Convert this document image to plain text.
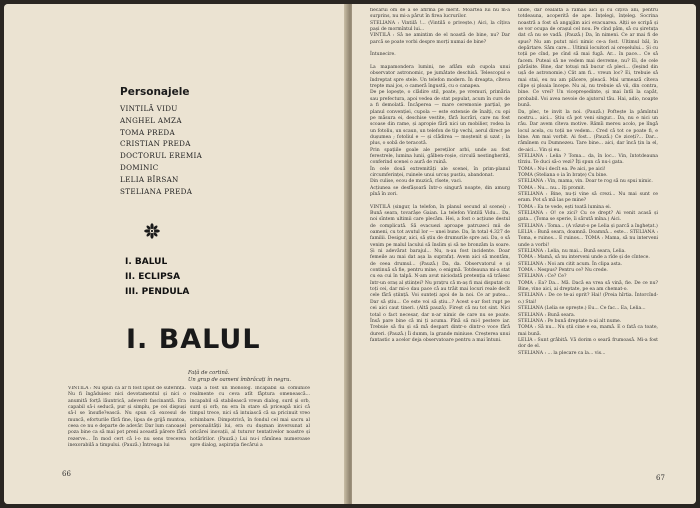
Personajele
VINTILĂ VIDU
ANGHEL AMZA
TOMA PREDA
CRISTIAN PREDA
DOCTORUL EREMIA
DOMINIC
LELIA BÎRSAN
STELIANA PREDA
I. BALUL
II. ECLIPSA
III. PENDULA
I. BALUL
Fațǎ de cortinǎ.
Un grup de oameni îmbrǎcați în negru.
VINTILĂ : Nu spun cǎ ar fi fost lipsit de suferințǎ. Nu fi îngǎduiesc nici devotamentul și nici o anumitǎ forțǎ lǎuntricǎ, adeverit fascinantǎ. Era capabil sǎ-i seducǎ, pur și simplu, pe cei dispuși sǎ-l se însufle?ească. Nu spun cǎ excesul de muncǎ, eforturile fǎrǎ fine, lipsa de grijǎ muntoa, ceea ce nu e departe de adevǎr. Dar lum canoașel poza bine ca sǎ mai pot preni aceastǎ părere fǎrǎ rezerve... În mod cert cǎ l-o nu sens trecerea inexorabilǎ a timpului. (Pauzǎ.) Întreaga lui
viațǎ a fost un monolog. Incapabil sǎ comunice realmente cu ceva atît fǎptura omeneascǎ... incapabil sǎ stabileascǎ vreun dialog, surd și orb, surd și orb, nu era în stare sǎ priceapǎ nici cǎ timpul trece, nici sǎ intuiascǎ cǎ sa pricinuit vreo schimbare. Dimpotrivǎ, în fondul cel mai sacru al personalitǎții lui, era cu dușman inversunat al oricǎrei inovații, al tuturor tentativelor noastre și hotǎrîrilor. (Pauzǎ.) Lui nu-i rǎmînea numeroase spre dialog, aspirația fiecǎrui a
66
fiecǎrui om de a se afirma pe merit. Moartea lui nu m-a surprins, nu mi-a pǎrut în firea lucrurilor.
STELIANA : Vintilǎ !... (Vintilǎ o privește.) Aici, la cîțiva pași de mormîntul lui...
VINTILĂ : Sǎ ne amintim de el noastǎ de bine, nu? Dar parcǎ se poate vorbi despre morți numai de bine?

Întunecire.

La mapamondera lumini, ne aflǎm sub cupola unui observator astronomic, pe jumǎtate deschisǎ. Telescopul e îndreptat spre stele. Un telefon modern. În dreapta, cîteva trepte mai jos, o camerǎ îngustǎ, cu o canapea.
De pe lopeșțe, o clǎdire stil, poate, pe vremuri, primǎria sau prefectura, apoi vedea de stat populat, acum în curs de a fi demolatǎ. Încǎperea — mare ceremonie parțial, pe planul convenției, cupola — este extensie de înalți, cu opi pe mǎsura ei, deschise vestite, fǎrǎ lucrǎri, care nu fost scoase din rame, și apropie fǎrǎ nici un mobilier, rodea la un fotoliu, un scaun, un telefon de tip vechi, aerul direct pe dușumea ; fotoliul e — și clǎdirea — moștenit și uzat ; la plus, o sobǎ de teracotǎ.
Prin spațiile goale ale pereților arbi, unde au fost ferestrele, lumina lunii, gǎlben-roșie, circulǎ nestingheritǎ, conferind scenei o aurǎ de ruinǎ.
În cele douǎ extremitǎți ale scenei, în prim-planul circumferinței, ruinele unui urcuș pustiu, abandonat.
Din culise, ecou de muzicǎ, rîsete, vaci.
Acțiunea se desfǎșoarǎ într-o singurǎ noapte, din amurg pînǎ în zori.

VINTILĂ (singur, la telefon, în planul secund al scenei) : Bunǎ seara, tovarǎșe Gaian. La telefon Vintilǎ Vidu... Da, noi sîntem ultimii care plecǎm. Hei, a fost o acțiune destul de complicatǎ. Sǎ evacuezi aproape patruzeci mii de oameni, cu tot avutul lor — unei bune. Da, în total 4.327 de familii. Desigur, aici, sǎ știu de drumurile spre asi. Da, o sǎ venim pe malul lacului sǎ înslim și sǎ ne bronzǎm la soare. Și ni adevǎrat barajul... Nu, n-au fost incidente. Doar femeile au mai dat așa la suprafaț. Avem aici sǎ montǎm, de ceea drumul... (Pauzǎ.) Da, da. Observatorul e și continuǎ sǎ fie, pentru mine, o enigmǎ. Totdeauna mi-a stat cu ea cui în talpǎ. N-am avut niciodatǎ pretenția sǎ trǎiesc într-un oraș al științei? Nu prațru cǎ m-aș fi mai disputat cu toți cei, dar mi-o dau pace cǎ au trǎit mai locuri reale decît cele fǎrǎ știință. Voi sunteți apoi de la noi. Ce ar putea... Dar sǎ știu... Ce este voi sǎ știu...? Acest s-ar fost rupt pe cei aici caut tineri. (Altǎ pauzǎ). Fireșt cǎ nu tot sint. Nici total o fact necesar, dar n-ar nimic de care nu se poate. Însǎ pare bine cǎ mi ți acuma. Pînǎ să mi-l pestere iar. Trebuie sǎ fiu și sǎ mǎ despart dintr-o dintr-o voce fǎrǎ dureri. (Pauzǎ.) Îi dumm, la grande miniuse. Creșterea unui fantastic a acelor deja observatoare pentru a mai întuni.
unde, dar cealaltǎ a rǎmas aici și cu cîțiva ani, pentru totdeauna, acoperitǎ de ape. Înțelegi, înțeleg. Socrina noastrǎ a fost sǎ angajǎm aici evacuarea. Alții se scripǎ și se vor ocupa de orașul cel nou. Pe cînd pǎm, sǎ cu șiretuța dat cǎ nu se vadǎ. (Pauzǎ.) Da, în nimeni. Ce ar mai fi de spus? Nu am putut nici nimic ce-a fost. Ultimul băl, în depǎrtare. Sǎm care... Ultimii locuitori ai oreșelului... Și cu toții pe cînd, pe cînd sǎ mai fugǎ. Ar... în pace... Ce sǎ facem. Puteai sǎ ne vedem mai devreme, nu? Ei, de cele pǎrǎsite. Bine, dar totuși mǎ bucur cǎ pleci... (Ieșind din ușǎ de astronomie.) Cât am fi... vreun loc? Ei, trebuie sǎ mai stai, eu nu am plǎcere, pleacǎ. Mai urmeazǎ cîteva clipe și ploaia începe. Nu ai, nu trebuie sǎ vii, din contra, bine. Ce vrei? Un vicepreședinte, și mai întîi la capǎt, probabil. Voi avea nevoie de ajutorul tǎu. Hai, adio, noapte bunǎ.
Da, plec, te invit la noi. (Pauzǎ.) Poftește la pǎmîntul nostru... aici... Știu cǎ pot veni singur... Da, nu e nici un rǎu. Dar avem cîteva motive. Rămîi mereu acolo, pe lîngǎ locul acela, cu toții ne vedem... Cred cǎ tot ce poate fi, e bine. Am mai vorbit. Ai fost... (Pauzǎ.) Ce ziceți?... Dar... rǎmînem cu Dumnezeu. Tare bine... aici, dar încǎ țin la el, de-aici... Vin și eu.
STELIANA : Lelia ? Toma... da, în loc... Vin, întotdeauna tîrziu. Te duci sǎ-o vezi? Îți spun cǎ nu-i gata.
TOMA : Nu-i decît ea. Pe aici, pe aici!
TOMA (Steliana o ia în brațe) Cu bine.
STELIANA : Vin, mama, vin. Doar te rog sǎ nu spui nimic.
TOMA : Nu... nu... îți promit.
STELIANA : Bine, nu-ți vine sǎ crezi... Nu mai sunt ce eram. Pot sǎ mǎ las pe mine?
TOMA : Ea te vede, ești toatǎ lumina ei.
STELIANA : O! ce zici? Cu ce drept? Ai venit acasǎ și gata... (Toma se sperie, îi sǎrutǎ mîna.) Aici.
STELIANA : Toma... (A văzut-o pe Lelia și parcǎ a înghețat.)
LELIA : Bunǎ seara, doamnǎ. Doamnǎ... este... STELIANA : Toma, e ruinos... E ruinos... TOMA : Mama, sǎ nu interveni unde a vorbi!
STELIANA : Lelia, nu mai... Bunǎ seara, Lelia.
TOMA : Mamǎ, sǎ nu interveni unde a rîde și de cîntece.
STELIANA : Noi am citit acum. În clipa asta.
TOMA : Nespus? Pentru ce? Nu crede.
STELIANA : Ce? Ce?
TOMA : Ea? Da... Mǎ. Dacǎ ea vrea sǎ vinǎ, fie. De ce nu? Bine, vino aici, ai dreptate, pe ea am chemat-o.
STELIANA : De ce te-ai oprit? Hai! (Preia hîrtia. Întorcînd-o.) Stai!
STELIANA (Lelia se oprește.) Eu... Ce fac... Ea, Lelia...
STELIANA : Bunǎ seara.
STELIANA : Pe bunǎ dreptate n-ai alt nume.
TOMA : Sǎ nu... Nu știi cine e ea, mamǎ. E o fatǎ ca toate, mai bunǎ.
LELIA : Sunt grǎbitǎ. Vǎ dorim o searǎ frumoasǎ. Mi-a fost dor de el.
STELIANA : ... la plecare ca la... vis...
67
